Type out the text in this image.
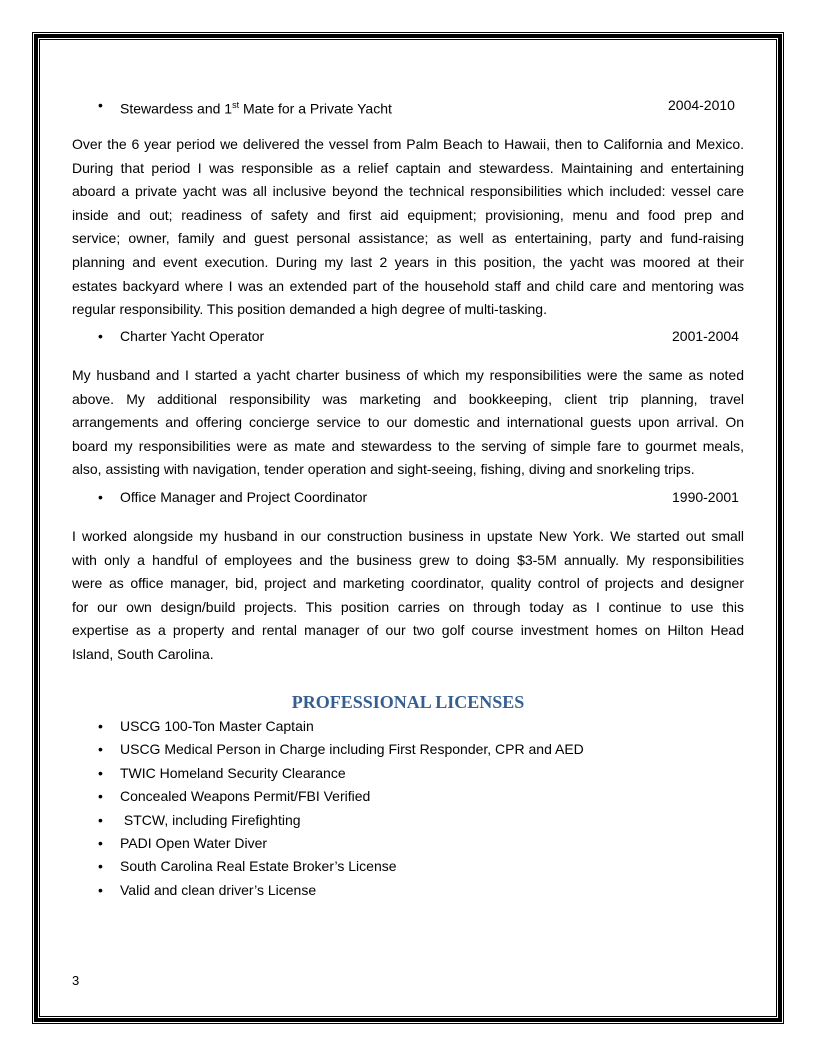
• Stewardess and 1st Mate for a Private Yacht	2004-2010
Over the 6 year period we delivered the vessel from Palm Beach to Hawaii, then to California and Mexico.
During that period I was responsible as a relief captain and stewardess. Maintaining and entertaining
aboard a private yacht was all inclusive beyond the technical responsibilities which included: vessel care
inside and out; readiness of safety and first aid equipment; provisioning, menu and food prep and
service; owner, family and guest personal assistance; as well as entertaining, party and fund-raising
planning and event execution. During my last 2 years in this position, the yacht was moored at their
estates backyard where I was an extended part of the household staff and child care and mentoring was
regular responsibility. This position demanded a high degree of multi-tasking.
• Charter Yacht Operator	2001-2004
My husband and I started a yacht charter business of which my responsibilities were the same as noted
above. My additional responsibility was marketing and bookkeeping, client trip planning, travel
arrangements and offering concierge service to our domestic and international guests upon arrival. On
board my responsibilities were as mate and stewardess to the serving of simple fare to gourmet meals,
also, assisting with navigation, tender operation and sight-seeing, fishing, diving and snorkeling trips.
• Office Manager and Project Coordinator	1990-2001
I worked alongside my husband in our construction business in upstate New York. We started out small
with only a handful of employees and the business grew to doing $3-5M annually. My responsibilities
were as office manager, bid, project and marketing coordinator, quality control of projects and designer
for our own design/build projects. This position carries on through today as I continue to use this
expertise as a property and rental manager of our two golf course investment homes on Hilton Head
Island, South Carolina.
PROFESSIONAL LICENSES
• USCG 100-Ton Master Captain
• USCG Medical Person in Charge including First Responder, CPR and AED
• TWIC Homeland Security Clearance
• Concealed Weapons Permit/FBI Verified
• STCW, including Firefighting
• PADI Open Water Diver
• South Carolina Real Estate Broker’s License
• Valid and clean driver’s License
3
